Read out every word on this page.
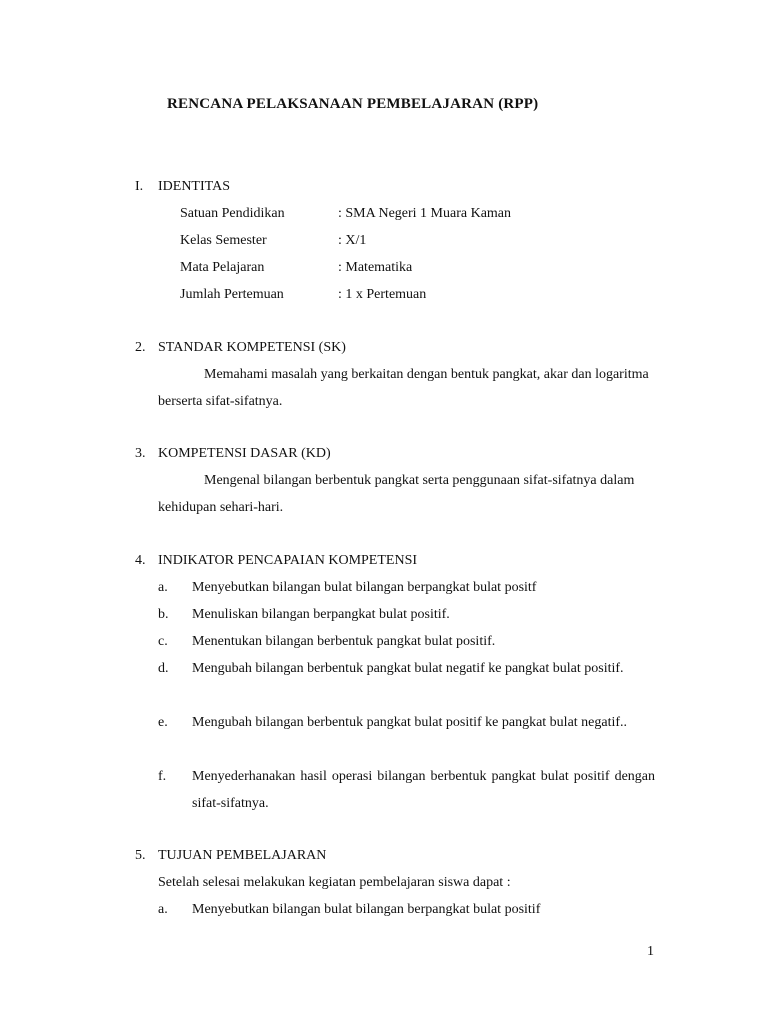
RENCANA PELAKSANAAN PEMBELAJARAN (RPP)
I. IDENTITAS
Satuan Pendidikan	: SMA Negeri 1 Muara Kaman
Kelas Semester	: X/1
Mata Pelajaran	: Matematika
Jumlah Pertemuan	: 1 x Pertemuan
2. STANDAR KOMPETENSI (SK)
Memahami masalah yang berkaitan dengan bentuk pangkat, akar dan logaritma berserta sifat-sifatnya.
3. KOMPETENSI DASAR (KD)
Mengenal bilangan berbentuk pangkat serta penggunaan sifat-sifatnya dalam kehidupan sehari-hari.
4. INDIKATOR PENCAPAIAN KOMPETENSI
a. Menyebutkan bilangan bulat bilangan berpangkat bulat positf
b. Menuliskan bilangan berpangkat bulat positif.
c. Menentukan bilangan berbentuk pangkat bulat positif.
d. Mengubah bilangan berbentuk pangkat bulat negatif ke pangkat bulat positif.
e. Mengubah bilangan berbentuk pangkat bulat positif ke pangkat bulat negatif..
f. Menyederhanakan hasil operasi bilangan berbentuk pangkat bulat positif dengan sifat-sifatnya.
5. TUJUAN PEMBELAJARAN
Setelah selesai melakukan kegiatan pembelajaran siswa dapat :
a. Menyebutkan bilangan bulat bilangan berpangkat bulat positif
1
